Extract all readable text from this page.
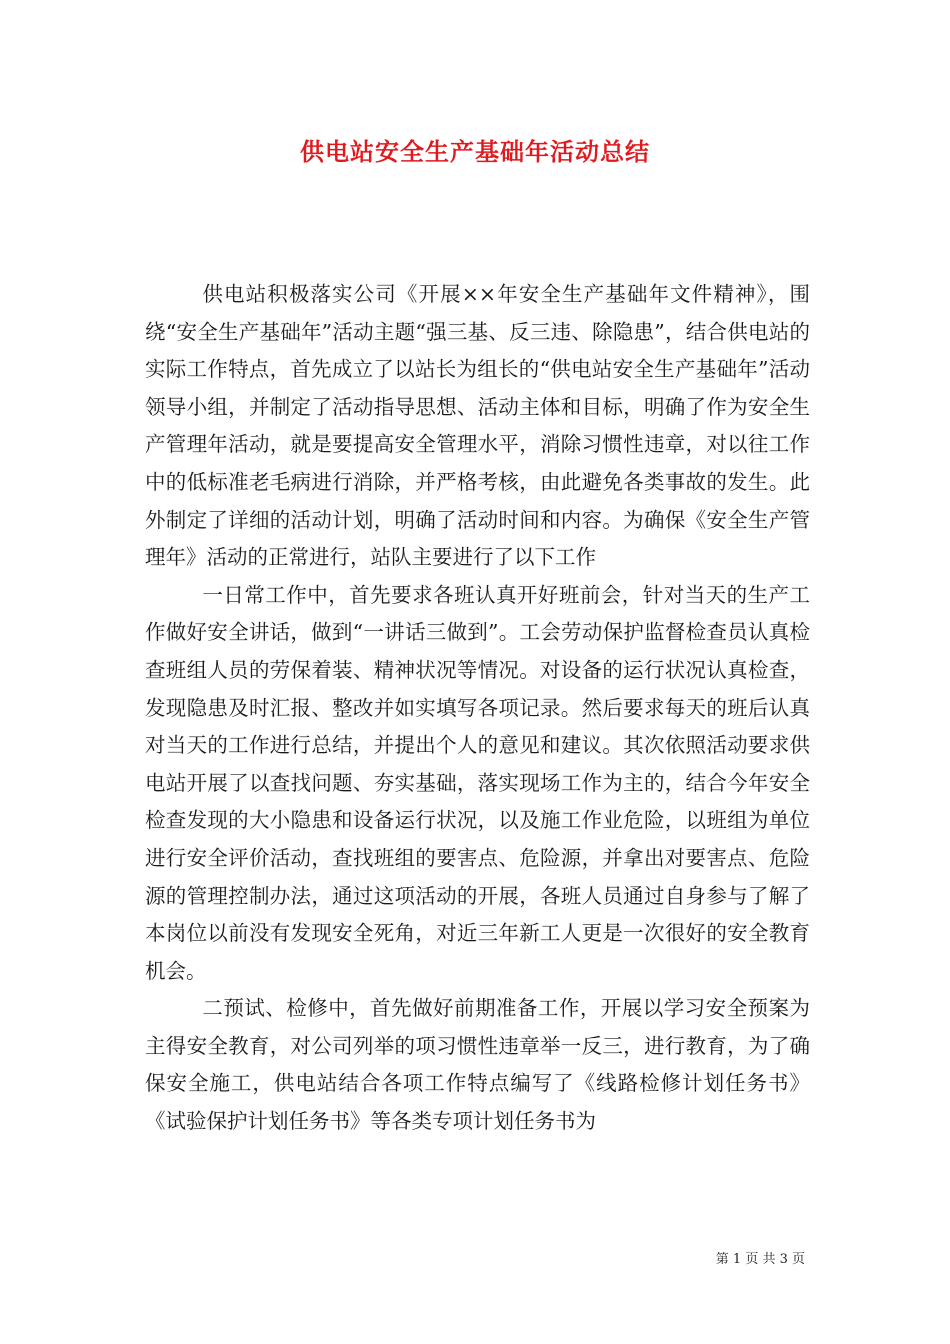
供电站安全生产基础年活动总结

供电站积极落实公司《开展××年安全生产基础年文件精神》，围绕“安全生产基础年”活动主题“强三基、反三违、除隐患”，结合供电站的实际工作特点，首先成立了以站长为组长的“供电站安全生产基础年”活动领导小组，并制定了活动指导思想、活动主体和目标，明确了作为安全生产管理年活动，就是要提高安全管理水平，消除习惯性违章，对以往工作中的低标准老毛病进行消除，并严格考核，由此避免各类事故的发生。此外制定了详细的活动计划，明确了活动时间和内容。为确保《安全生产管理年》活动的正常进行，站队主要进行了以下工作

一日常工作中，首先要求各班认真开好班前会，针对当天的生产工作做好安全讲话，做到“一讲话三做到”。工会劳动保护监督检查员认真检查班组人员的劳保着装、精神状况等情况。对设备的运行状况认真检查，发现隐患及时汇报、整改并如实填写各项记录。然后要求每天的班后认真对当天的工作进行总结，并提出个人的意见和建议。其次依照活动要求供电站开展了以查找问题、夯实基础，落实现场工作为主的，结合今年安全检查发现的大小隐患和设备运行状况，以及施工作业危险，以班组为单位进行安全评价活动，查找班组的要害点、危险源，并拿出对要害点、危险源的管理控制办法，通过这项活动的开展，各班人员通过自身参与了解了本岗位以前没有发现安全死角，对近三年新工人更是一次很好的安全教育机会。

二预试、检修中，首先做好前期准备工作，开展以学习安全预案为主得安全教育，对公司列举的项习惯性违章举一反三，进行教育，为了确保安全施工，供电站结合各项工作特点编写了《线路检修计划任务书》《试验保护计划任务书》等各类专项计划任务书为

第 1 页 共 3 页
